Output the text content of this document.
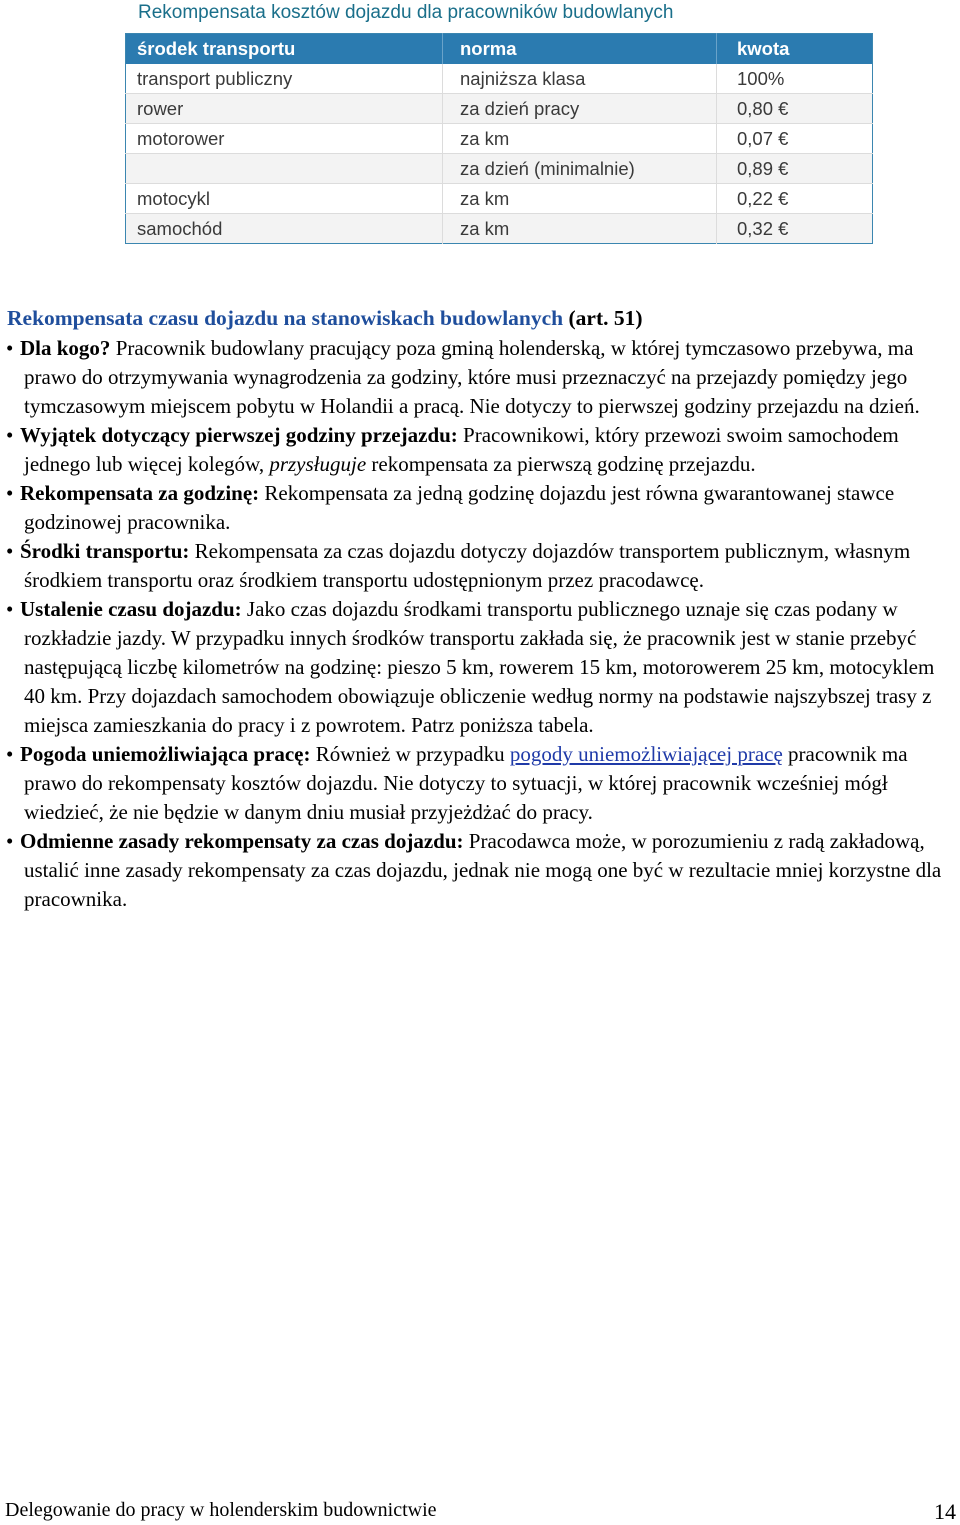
Rekompensata kosztów dojazdu dla pracowników budowlanych
środek transportu	norma	kwota
transport publiczny	najniższa klasa	100%
rower	za dzień pracy	0,80 €
motorower	za km	0,07 €
	za dzień (minimalnie)	0,89 €
motocykl	za km	0,22 €
samochód	za km	0,32 €
Rekompensata czasu dojazdu na stanowiskach budowlanych (art. 51)
• Dla kogo? Pracownik budowlany pracujący poza gminą holenderską, w której tymczasowo przebywa, ma prawo do otrzymywania wynagrodzenia za godziny, które musi przeznaczyć na przejazdy pomiędzy jego tymczasowym miejscem pobytu w Holandii a pracą. Nie dotyczy to pierwszej godziny przejazdu na dzień.
• Wyjątek dotyczący pierwszej godziny przejazdu: Pracownikowi, który przewozi swoim samochodem jednego lub więcej kolegów, przysługuje rekompensata za pierwszą godzinę przejazdu.
• Rekompensata za godzinę: Rekompensata za jedną godzinę dojazdu jest równa gwarantowanej stawce godzinowej pracownika.
• Środki transportu: Rekompensata za czas dojazdu dotyczy dojazdów transportem publicznym, własnym środkiem transportu oraz środkiem transportu udostępnionym przez pracodawcę.
• Ustalenie czasu dojazdu: Jako czas dojazdu środkami transportu publicznego uznaje się czas podany w rozkładzie jazdy. W przypadku innych środków transportu zakłada się, że pracownik jest w stanie przebyć następującą liczbę kilometrów na godzinę: pieszo 5 km, rowerem 15 km, motorowerem 25 km, motocyklem 40 km. Przy dojazdach samochodem obowiązuje obliczenie według normy na podstawie najszybszej trasy z miejsca zamieszkania do pracy i z powrotem. Patrz poniższa tabela.
• Pogoda uniemożliwiająca pracę: Również w przypadku pogody uniemożliwiającej pracę pracownik ma prawo do rekompensaty kosztów dojazdu. Nie dotyczy to sytuacji, w której pracownik wcześniej mógł wiedzieć, że nie będzie w danym dniu musiał przyjeżdżać do pracy.
• Odmienne zasady rekompensaty za czas dojazdu: Pracodawca może, w porozumieniu z radą zakładową, ustalić inne zasady rekompensaty za czas dojazdu, jednak nie mogą one być w rezultacie mniej korzystne dla pracownika.
Delegowanie do pracy w holenderskim budownictwie	14
